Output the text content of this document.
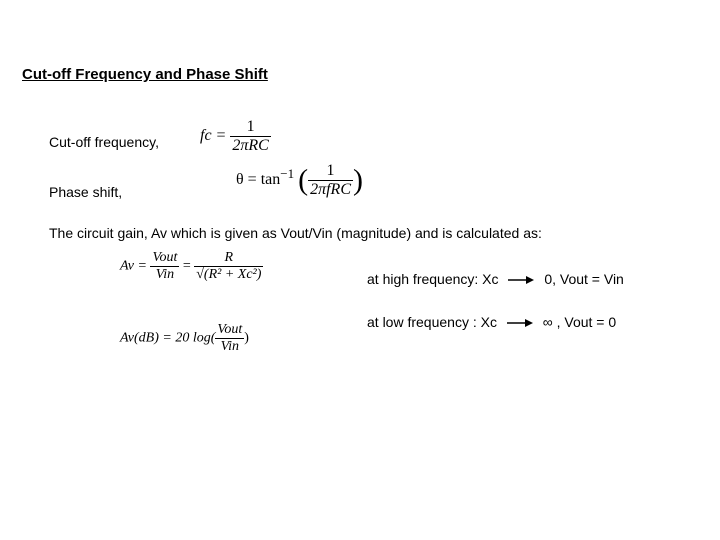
Cut-off Frequency and Phase Shift
Cut-off frequency,	fc = $\frac{1}{\text{2πRC}}$
Phase shift,
$\theta = \tan^{-1}$ ( $\frac{1}{\text{2πfRC}}$ )
The circuit gain, Av which is given as Vout/Vin (magnitude) and is calculated as:
$Av = \frac{\text{Vout}}{\text{Vin}} = \frac{R}{\text{√(R² + Xc²)}}$
Av(dB) = 20 $\log( \frac{\text{Vout}}{\text{Vin}}$ )
at high frequency: Xc	0, Vout = Vin
at low frequency : Xc	∞ , Vout = 0
